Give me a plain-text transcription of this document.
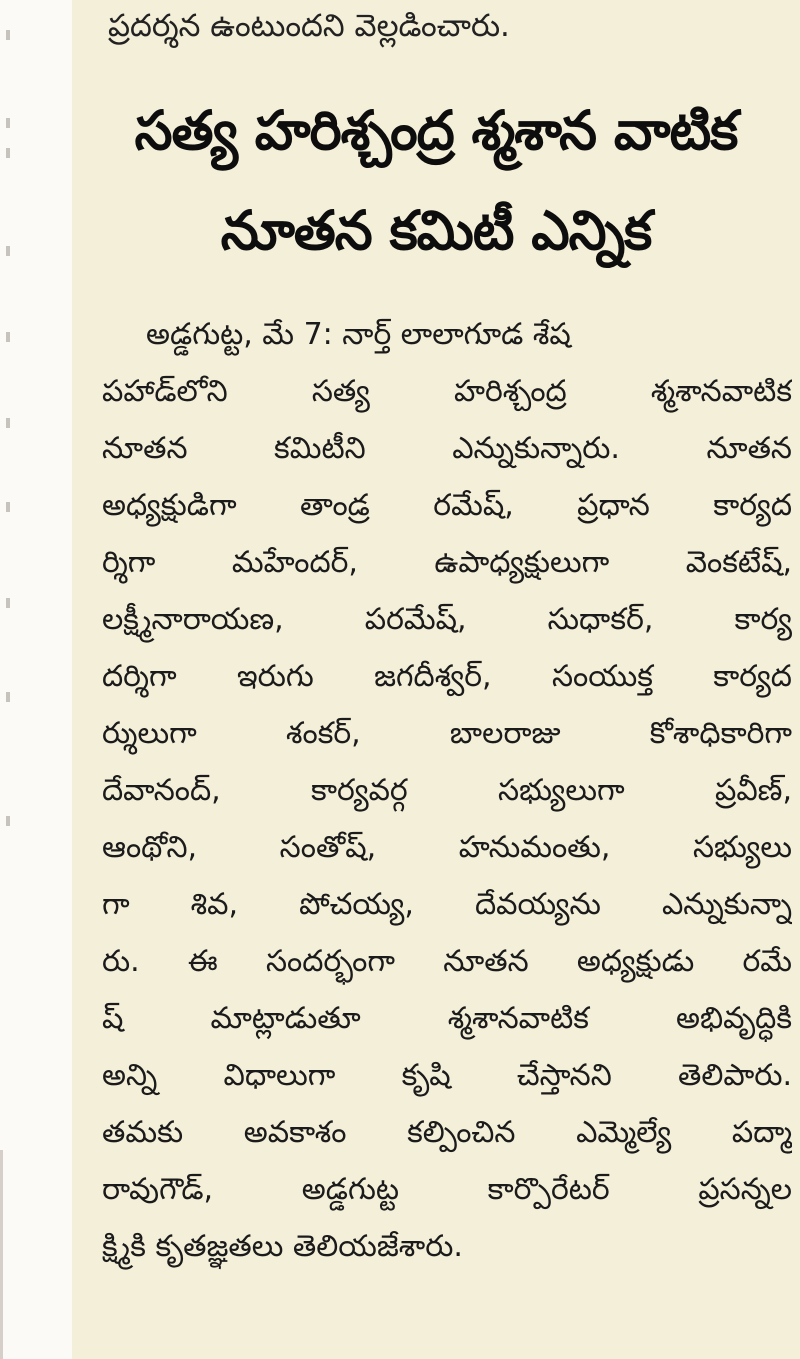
ప్రదర్శన ఉంటుందని వెల్లడించారు.
సత్య హరిశ్చంద్ర శ్మశాన వాటిక
నూతన కమిటీ ఎన్నిక
అడ్డగుట్ట, మే 7: నార్త్ లాలాగూడ శేష
పహాడ్‌లోని సత్య హరిశ్చంద్ర శ్మశానవాటిక
నూతన కమిటీని ఎన్నుకున్నారు. నూతన
అధ్యక్షుడిగా తాండ్ర రమేష్, ప్రధాన కార్యద
ర్శిగా మహేందర్, ఉపాధ్యక్షులుగా వెంకటేష్,
లక్ష్మీనారాయణ, పరమేష్, సుధాకర్, కార్య
దర్శిగా ఇరుగు జగదీశ్వర్, సంయుక్త కార్యద
ర్శులుగా శంకర్, బాలరాజు కోశాధికారిగా
దేవానంద్, కార్యవర్గ సభ్యులుగా ప్రవీణ్,
ఆంథోని, సంతోష్, హనుమంతు, సభ్యులు
గా శివ, పోచయ్య, దేవయ్యను ఎన్నుకున్నా
రు. ఈ సందర్భంగా నూతన అధ్యక్షుడు రమే
ష్ మాట్లాడుతూ శ్మశానవాటిక అభివృద్ధికి
అన్ని విధాలుగా కృషి చేస్తానని తెలిపారు.
తమకు అవకాశం కల్పించిన ఎమ్మెల్యే పద్మా
రావుగౌడ్, అడ్డగుట్ట కార్పొరేటర్ ప్రసన్నల
క్ష్మికి కృతజ్ఞతలు తెలియజేశారు.
